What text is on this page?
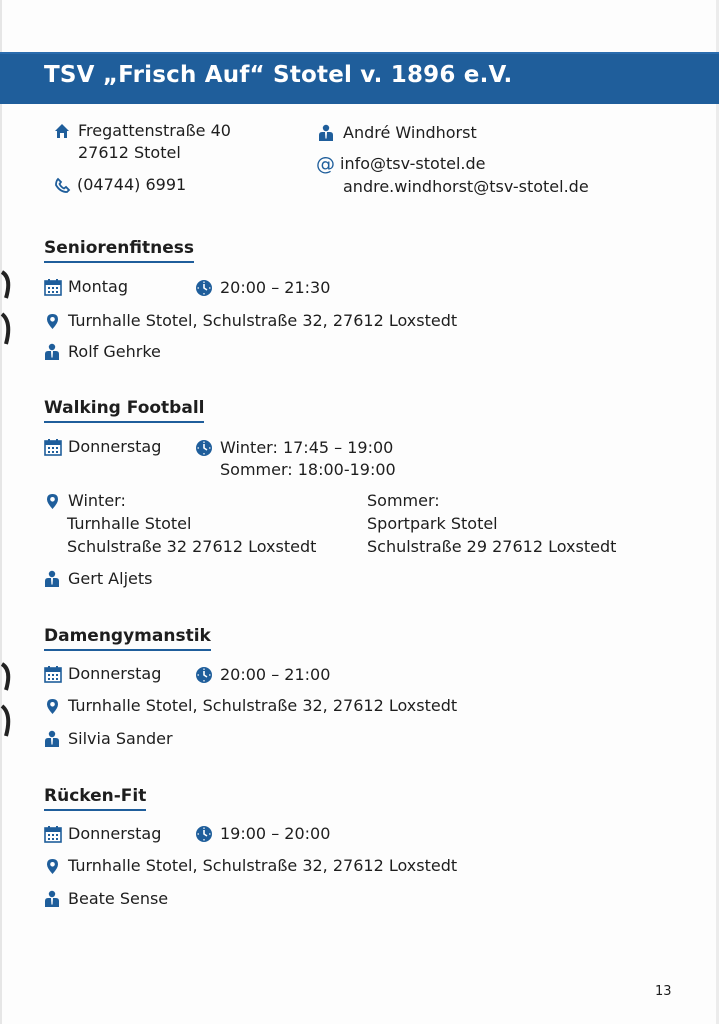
TSV „Frisch Auf“ Stotel v. 1896 e.V.
Fregattenstraße 40
27612 Stotel
(04744) 6991
André Windhorst
@ info@tsv-stotel.de
andre.windhorst@tsv-stotel.de
Seniorenfitness
Montag	20:00 – 21:30
Turnhalle Stotel, Schulstraße 32, 27612 Loxstedt
Rolf Gehrke
Walking Football
Donnerstag	Winter: 17:45 – 19:00
Sommer: 18:00-19:00
Winter:
Turnhalle Stotel
Schulstraße 32 27612 Loxstedt
Sommer:
Sportpark Stotel
Schulstraße 29 27612 Loxstedt
Gert Aljets
Damengymanstik
Donnerstag	20:00 – 21:00
Turnhalle Stotel, Schulstraße 32, 27612 Loxstedt
Silvia Sander
Rücken-Fit
Donnerstag	19:00 – 20:00
Turnhalle Stotel, Schulstraße 32, 27612 Loxstedt
Beate Sense
13
